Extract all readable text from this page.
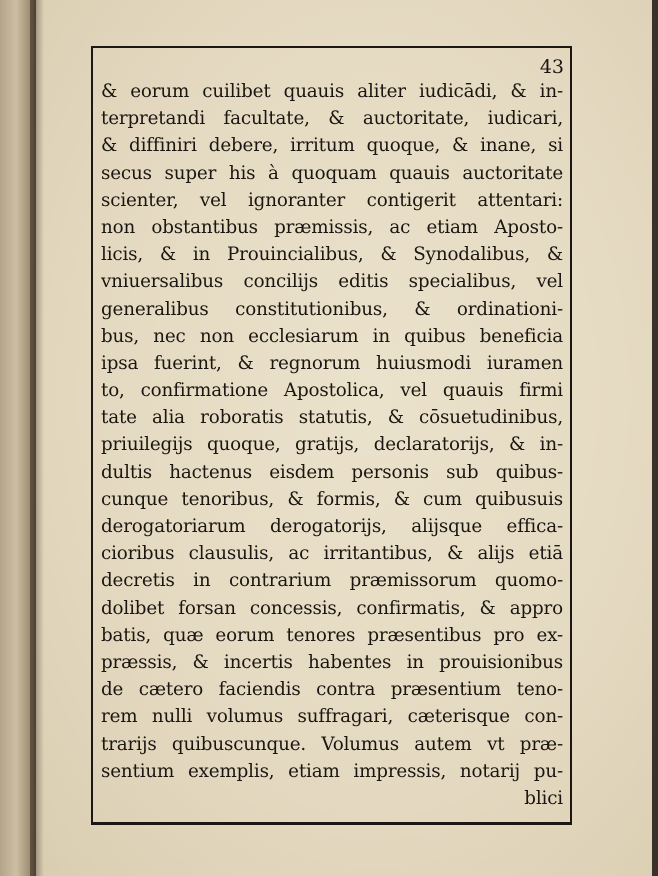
43
& eorum cuilibet quauis aliter iudicādi, & in-
terpretandi facultate, & auctoritate, iudicari,
& diffiniri debere, irritum quoque, & inane, si
secus super his à quoquam quauis auctoritate
scienter, vel ignoranter contigerit attentari:
non obstantibus præmissis, ac etiam Aposto-
licis, & in Prouincialibus, & Synodalibus, &
vniuersalibus concilijs editis specialibus, vel
generalibus constitutionibus, & ordinationi-
bus, nec non ecclesiarum in quibus beneficia
ipsa fuerint, & regnorum huiusmodi iuramen
to, confirmatione Apostolica, vel quauis firmi
tate alia roboratis statutis, & cōsuetudinibus,
priuilegijs quoque, gratijs, declaratorijs, & in-
dultis hactenus eisdem personis sub quibus-
cunque tenoribus, & formis, & cum quibusuis
derogatoriarum derogatorijs, alijsque effica-
cioribus clausulis, ac irritantibus, & alijs etiā
decretis in contrarium præmissorum quomo-
dolibet forsan concessis, confirmatis, & appro
batis, quæ eorum tenores præsentibus pro ex-
præssis, & incertis habentes in prouisionibus
de cætero faciendis contra præsentium teno-
rem nulli volumus suffragari, cæterisque con-
trarijs quibuscunque. Volumus autem vt præ-
sentium exemplis, etiam impressis, notarij pu-
blici
